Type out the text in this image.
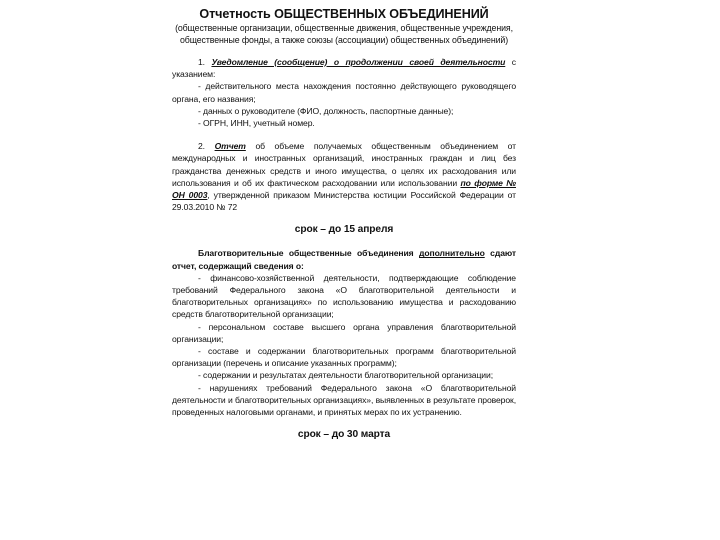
Отчетность ОБЩЕСТВЕННЫХ ОБЪЕДИНЕНИЙ

(общественные организации, общественные движения, общественные учреждения, общественные фонды, а также союзы (ассоциации) общественных объединений)

1. Уведомление (сообщение) о продолжении своей деятельности с указанием:

- действительного места нахождения постоянно действующего руководящего органа, его названия;

- данных о руководителе (ФИО, должность, паспортные данные);

- ОГРН, ИНН, учетный номер.

2. Отчет об объеме получаемых общественным объединением от международных и иностранных организаций, иностранных граждан и лиц без гражданства денежных средств и иного имущества, о целях их расходования или использования и об их фактическом расходовании или использовании по форме № ОН 0003, утвержденной приказом Министерства юстиции Российской Федерации от 29.03.2010 № 72

срок – до 15 апреля

Благотворительные общественные объединения дополнительно сдают отчет, содержащий сведения о:

- финансово-хозяйственной деятельности, подтверждающие соблюдение требований Федерального закона «О благотворительной деятельности и благотворительных организациях» по использованию имущества и расходованию средств благотворительной организации;

- персональном составе высшего органа управления благотворительной организации;

- составе и содержании благотворительных программ благотворительной организации (перечень и описание указанных программ);

- содержании и результатах деятельности благотворительной организации;

- нарушениях требований Федерального закона «О благотворительной деятельности и благотворительных организациях», выявленных в результате проверок, проведенных налоговыми органами, и принятых мерах по их устранению.

срок – до 30 марта
